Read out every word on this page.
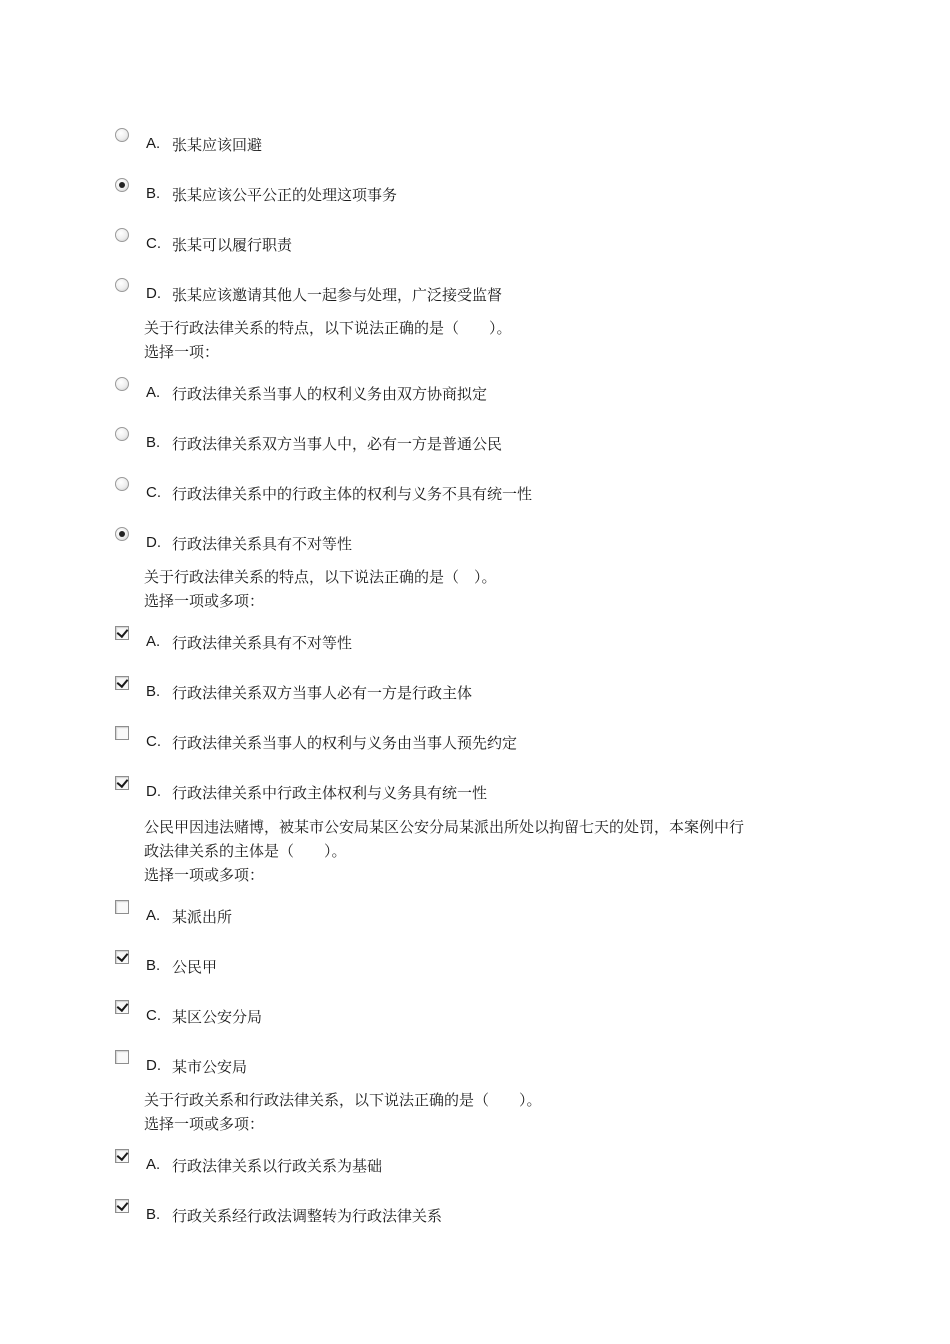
A. 张某应该回避
B. 张某应该公平公正的处理这项事务
C. 张某可以履行职责
D. 张某应该邀请其他人一起参与处理，广泛接受监督

关于行政法律关系的特点，以下说法正确的是（　　）。

选择一项：

A. 行政法律关系当事人的权利义务由双方协商拟定
B. 行政法律关系双方当事人中，必有一方是普通公民
C. 行政法律关系中的行政主体的权利与义务不具有统一性
D. 行政法律关系具有不对等性

关于行政法律关系的特点，以下说法正确的是（　）。

选择一项或多项：

A. 行政法律关系具有不对等性
B. 行政法律关系双方当事人必有一方是行政主体
C. 行政法律关系当事人的权利与义务由当事人预先约定
D. 行政法律关系中行政主体权利与义务具有统一性

公民甲因违法赌博，被某市公安局某区公安分局某派出所处以拘留七天的处罚，本案例中行

政法律关系的主体是（　　）。

选择一项或多项：

A. 某派出所
B. 公民甲
C. 某区公安分局
D. 某市公安局

关于行政关系和行政法律关系，以下说法正确的是（　　）。

选择一项或多项：

A. 行政法律关系以行政关系为基础
B. 行政关系经行政法调整转为行政法律关系
